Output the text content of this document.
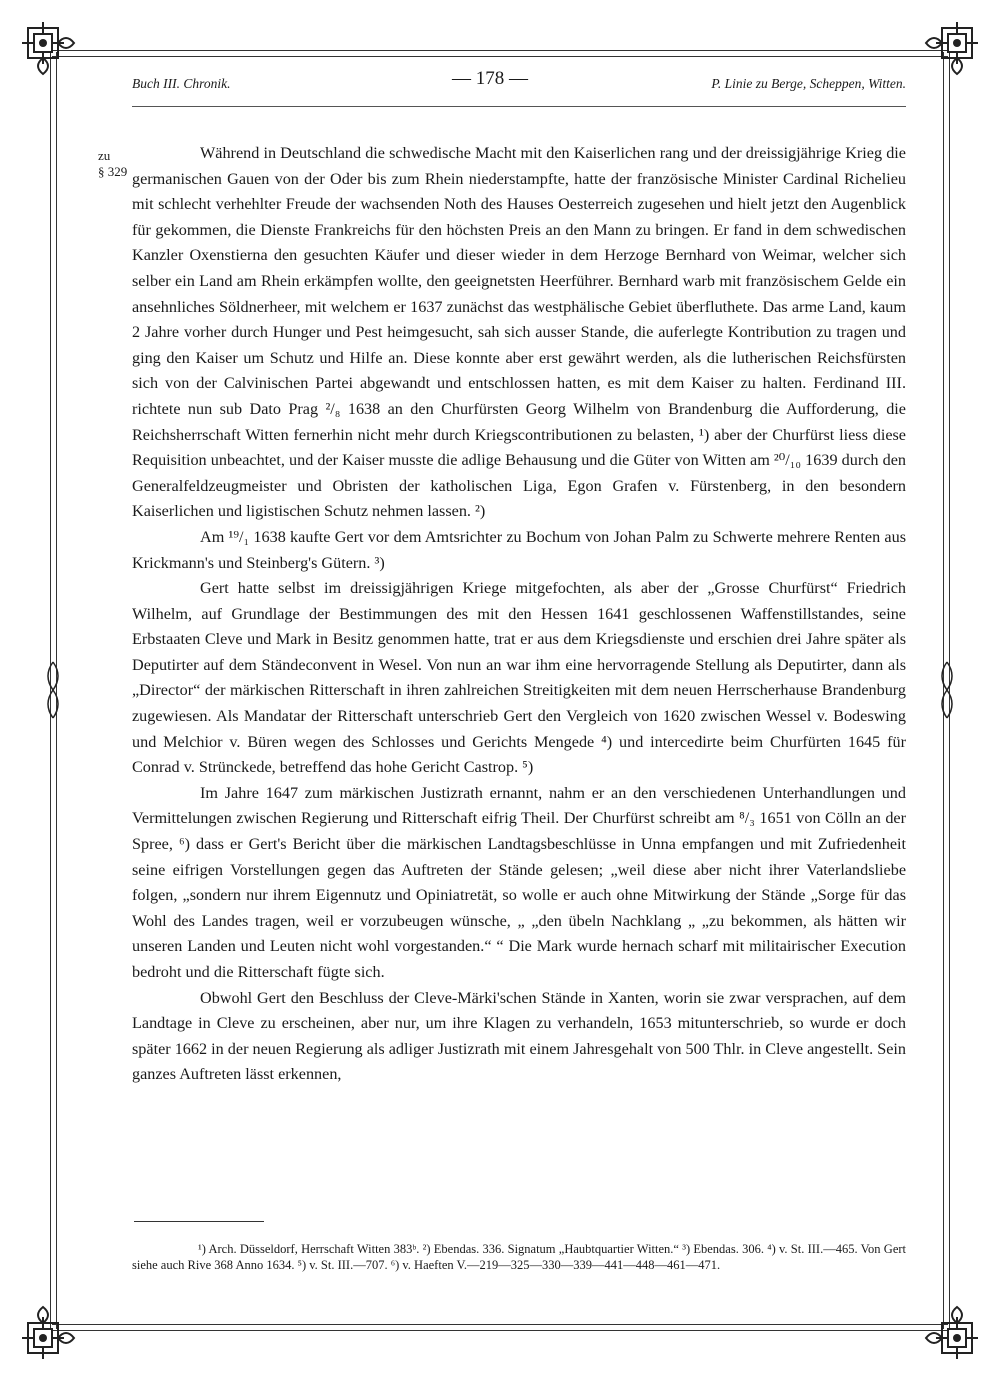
Buch III. Chronik.	— 178 —	P. Linie zu Berge, Scheppen, Witten.
zu
§ 329

Während in Deutschland die schwedische Macht mit den Kaiserlichen rang und der dreissigjährige Krieg die germanischen Gauen von der Oder bis zum Rhein niederstampfte, hatte der französische Minister Cardinal Richelieu mit schlecht verhehlter Freude der wachsenden Noth des Hauses Oesterreich zugesehen und hielt jetzt den Augenblick für gekommen, die Dienste Frankreichs für den höchsten Preis an den Mann zu bringen. Er fand in dem schwedischen Kanzler Oxenstierna den gesuchten Käufer und dieser wieder in dem Herzoge Bernhard von Weimar, welcher sich selber ein Land am Rhein erkämpfen wollte, den geeignetsten Heerführer. Bernhard warb mit französischem Gelde ein ansehnliches Söldnerheer, mit welchem er 1637 zunächst das westphälische Gebiet überfluthete. Das arme Land, kaum 2 Jahre vorher durch Hunger und Pest heimgesucht, sah sich ausser Stande, die auferlegte Kontribution zu tragen und ging den Kaiser um Schutz und Hilfe an. Diese konnte aber erst gewährt werden, als die lutherischen Reichsfürsten sich von der Calvinischen Partei abgewandt und entschlossen hatten, es mit dem Kaiser zu halten. Ferdinand III. richtete nun sub Dato Prag ²/₈ 1638 an den Churfürsten Georg Wilhelm von Brandenburg die Aufforderung, die Reichsherrschaft Witten fernerhin nicht mehr durch Kriegscontributionen zu belasten, ¹) aber der Churfürst liess diese Requisition unbeachtet, und der Kaiser musste die adlige Behausung und die Güter von Witten am ²⁰/₁₀ 1639 durch den Generalfeldzeugmeister und Obristen der katholischen Liga, Egon Grafen v. Fürstenberg, in den besondern Kaiserlichen und ligistischen Schutz nehmen lassen. ²)

Am ¹⁹/₁ 1638 kaufte Gert vor dem Amtsrichter zu Bochum von Johan Palm zu Schwerte mehrere Renten aus Krickmann's und Steinberg's Gütern. ³)

Gert hatte selbst im dreissigjährigen Kriege mitgefochten, als aber der „Grosse Churfürst“ Friedrich Wilhelm, auf Grundlage der Bestimmungen des mit den Hessen 1641 geschlossenen Waffenstillstandes, seine Erbstaaten Cleve und Mark in Besitz genommen hatte, trat er aus dem Kriegsdienste und erschien drei Jahre später als Deputirter auf dem Ständeconvent in Wesel. Von nun an war ihm eine hervorragende Stellung als Deputirter, dann als „Director“ der märkischen Ritterschaft in ihren zahlreichen Streitigkeiten mit dem neuen Herrscherhause Brandenburg zugewiesen. Als Mandatar der Ritterschaft unterschrieb Gert den Vergleich von 1620 zwischen Wessel v. Bodeswing und Melchior v. Büren wegen des Schlosses und Gerichts Mengede ⁴) und intercedirte beim Churfürten 1645 für Conrad v. Strünckede, betreffend das hohe Gericht Castrop. ⁵)

Im Jahre 1647 zum märkischen Justizrath ernannt, nahm er an den verschiedenen Unterhandlungen und Vermittelungen zwischen Regierung und Ritterschaft eifrig Theil. Der Churfürst schreibt am ⁸/₃ 1651 von Cölln an der Spree, ⁶) dass er Gert's Bericht über die märkischen Landtagsbeschlüsse in Unna empfangen und mit Zufriedenheit seine eifrigen Vorstellungen gegen das Auftreten der Stände gelesen; „weil diese aber nicht ihrer Vaterlandsliebe folgen, „sondern nur ihrem Eigennutz und Opiniatretät, so wolle er auch ohne Mitwirkung der Stände „Sorge für das Wohl des Landes tragen, weil er vorzubeugen wünsche, „ „den übeln Nachklang „ „zu bekommen, als hätten wir unseren Landen und Leuten nicht wohl vorgestanden.“ “ Die Mark wurde hernach scharf mit militairischer Execution bedroht und die Ritterschaft fügte sich.

Obwohl Gert den Beschluss der Cleve-Märki'schen Stände in Xanten, worin sie zwar versprachen, auf dem Landtage in Cleve zu erscheinen, aber nur, um ihre Klagen zu verhandeln, 1653 mitunterschrieb, so wurde er doch später 1662 in der neuen Regierung als adliger Justizrath mit einem Jahresgehalt von 500 Thlr. in Cleve angestellt. Sein ganzes Auftreten lässt erkennen,

¹) Arch. Düsseldorf, Herrschaft Witten 383ᵇ. ²) Ebendas. 336. Signatum „Haubtquartier Witten.“ ³) Ebendas. 306. ⁴) v. St. III.—465. Von Gert siehe auch Rive 368 Anno 1634. ⁵) v. St. III.—707. ⁶) v. Haeften V.—219—325—330—339—441—448—461—471.
